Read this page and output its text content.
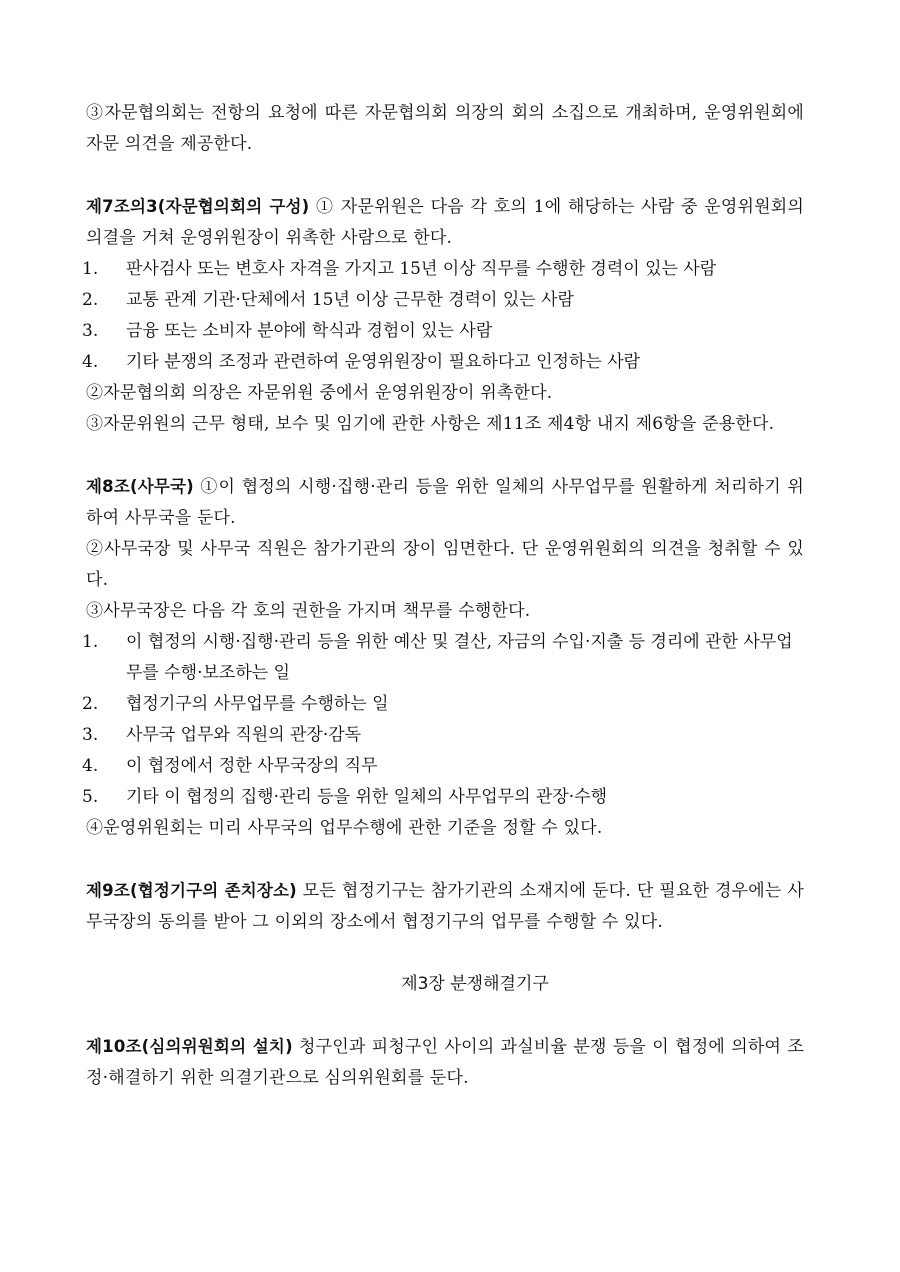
③자문협의회는 전항의 요청에 따른 자문협의회 의장의 회의 소집으로 개최하며, 운영위원회에 자문 의견을 제공한다.

제7조의3(자문협의회의 구성) ① 자문위원은 다음 각 호의 1에 해당하는 사람 중 운영위원회의 의결을 거쳐 운영위원장이 위촉한 사람으로 한다.

1. 판사검사 또는 변호사 자격을 가지고 15년 이상 직무를 수행한 경력이 있는 사람

2. 교통 관계 기관·단체에서 15년 이상 근무한 경력이 있는 사람

3. 금융 또는 소비자 분야에 학식과 경험이 있는 사람

4. 기타 분쟁의 조정과 관련하여 운영위원장이 필요하다고 인정하는 사람

②자문협의회 의장은 자문위원 중에서 운영위원장이 위촉한다.

③자문위원의 근무 형태, 보수 및 임기에 관한 사항은 제11조 제4항 내지 제6항을 준용한다.

제8조(사무국) ①이 협정의 시행·집행·관리 등을 위한 일체의 사무업무를 원활하게 처리하기 위하여 사무국을 둔다.

②사무국장 및 사무국 직원은 참가기관의 장이 임면한다. 단 운영위원회의 의견을 청취할 수 있다.

③사무국장은 다음 각 호의 권한을 가지며 책무를 수행한다.

1. 이 협정의 시행·집행·관리 등을 위한 예산 및 결산, 자금의 수입·지출 등 경리에 관한 사무업무를 수행·보조하는 일

2. 협정기구의 사무업무를 수행하는 일

3. 사무국 업무와 직원의 관장·감독

4. 이 협정에서 정한 사무국장의 직무

5. 기타 이 협정의 집행·관리 등을 위한 일체의 사무업무의 관장·수행

④운영위원회는 미리 사무국의 업무수행에 관한 기준을 정할 수 있다.

제9조(협정기구의 존치장소) 모든 협정기구는 참가기관의 소재지에 둔다. 단 필요한 경우에는 사무국장의 동의를 받아 그 이외의 장소에서 협정기구의 업무를 수행할 수 있다.

제3장 분쟁해결기구

제10조(심의위원회의 설치) 청구인과 피청구인 사이의 과실비율 분쟁 등을 이 협정에 의하여 조정·해결하기 위한 의결기관으로 심의위원회를 둔다.
